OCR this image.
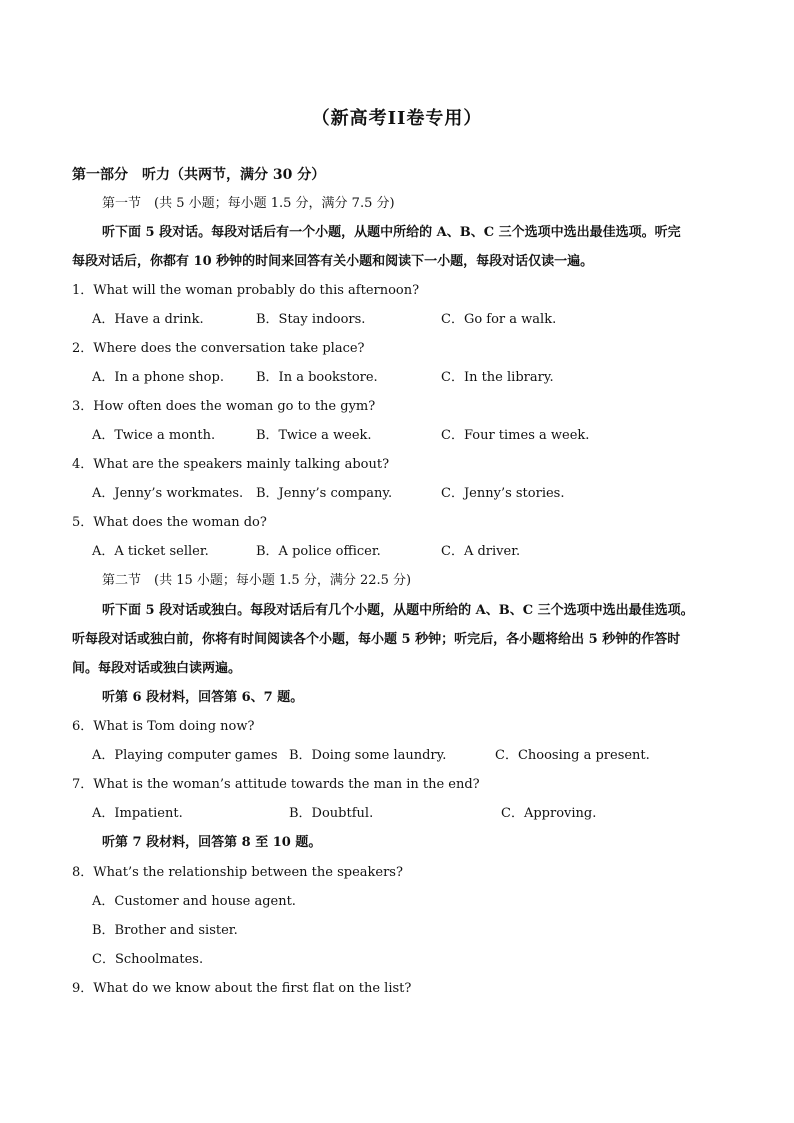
（新高考II卷专用）
第一部分　听力（共两节，满分 30 分）
第一节　(共 5 小题；每小题 1.5 分，满分 7.5 分)
听下面 5 段对话。每段对话后有一个小题，从题中所给的 A、B、C 三个选项中选出最佳选项。听完
每段对话后，你都有 10 秒钟的时间来回答有关小题和阅读下一小题，每段对话仅读一遍。
1．What will the woman probably do this afternoon?
A．Have a drink.	B．Stay indoors.	C．Go for a walk.
2．Where does the conversation take place?
A．In a phone shop. B．In a bookstore.	C．In the library.
3．How often does the woman go to the gym?
A．Twice a month.	B．Twice a week.	C．Four times a week.
4．What are the speakers mainly talking about?
A．Jenny’s workmates. B．Jenny’s company.	C．Jenny’s stories.
5．What does the woman do?
A．A ticket seller.	B．A police officer.	C．A driver.
第二节　(共 15 小题；每小题 1.5 分，满分 22.5 分)
听下面 5 段对话或独白。每段对话后有几个小题，从题中所给的 A、B、C 三个选项中选出最佳选项。
听每段对话或独白前，你将有时间阅读各个小题，每小题 5 秒钟；听完后，各小题将给出 5 秒钟的作答时
间。每段对话或独白读两遍。
听第 6 段材料，回答第 6、7 题。
6．What is Tom doing now?
A．Playing computer games B．Doing some laundry.	C．Choosing a present.
7．What is the woman’s attitude towards the man in the end?
A．Impatient.	B．Doubtful.	C．Approving.
听第 7 段材料，回答第 8 至 10 题。
8．What’s the relationship between the speakers?
A．Customer and house agent.
B．Brother and sister.
C．Schoolmates.
9．What do we know about the first flat on the list?
